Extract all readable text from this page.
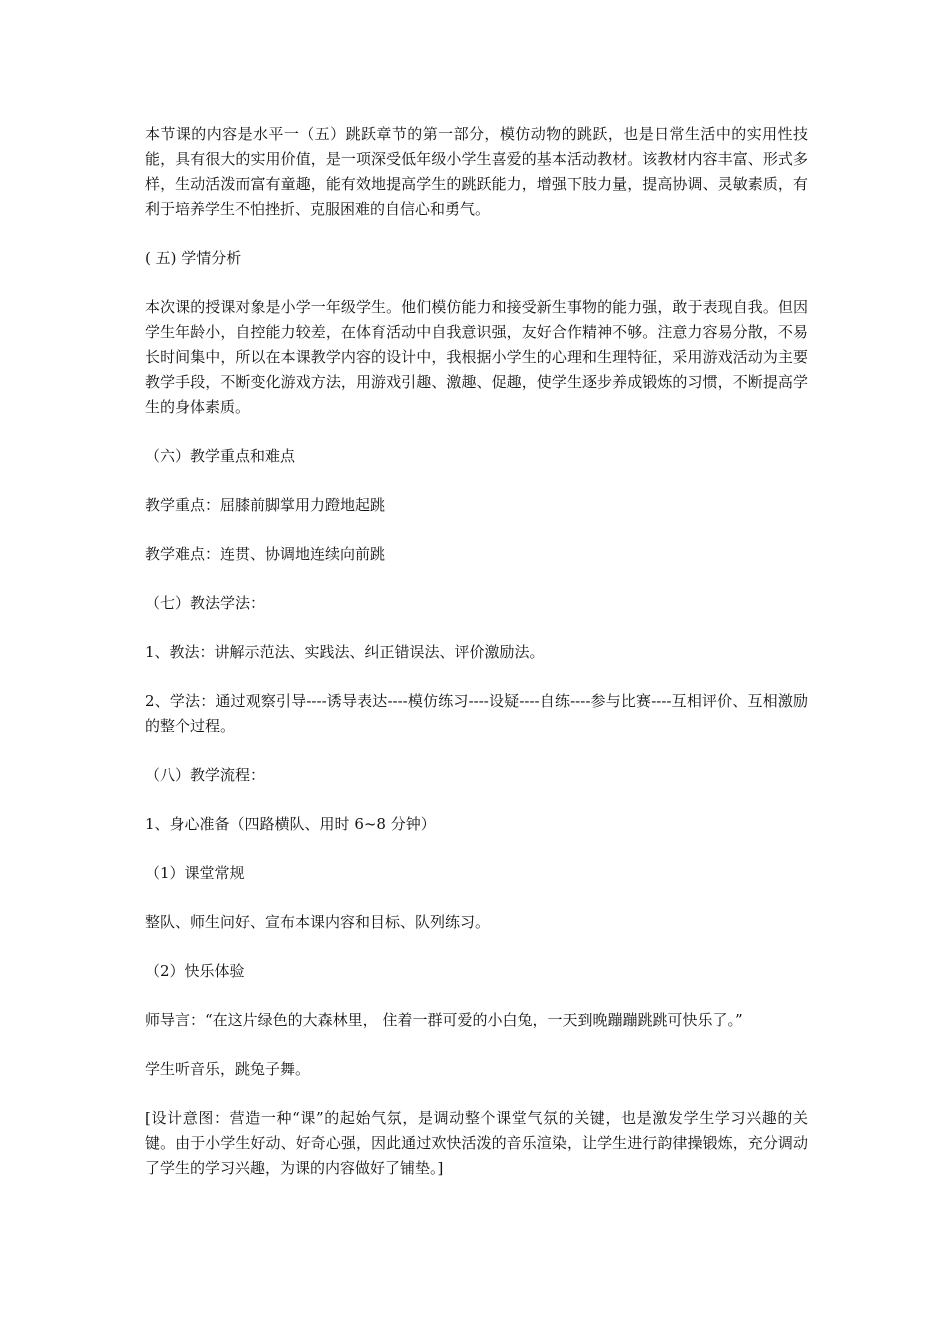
本节课的内容是水平一（五）跳跃章节的第一部分，模仿动物的跳跃，也是日常生活中的实用性技能，具有很大的实用价值，是一项深受低年级小学生喜爱的基本活动教材。该教材内容丰富、形式多样，生动活泼而富有童趣，能有效地提高学生的跳跃能力，增强下肢力量，提高协调、灵敏素质，有利于培养学生不怕挫折、克服困难的自信心和勇气。

( 五) 学情分析

本次课的授课对象是小学一年级学生。他们模仿能力和接受新生事物的能力强，敢于表现自我。但因学生年龄小，自控能力较差，在体育活动中自我意识强，友好合作精神不够。注意力容易分散，不易长时间集中，所以在本课教学内容的设计中，我根据小学生的心理和生理特征，采用游戏活动为主要教学手段，不断变化游戏方法，用游戏引趣、激趣、促趣，使学生逐步养成锻炼的习惯，不断提高学生的身体素质。

（六）教学重点和难点

教学重点：屈膝前脚掌用力蹬地起跳

教学难点：连贯、协调地连续向前跳

（七）教法学法：

1、教法：讲解示范法、实践法、纠正错误法、评价激励法。

2、学法：通过观察引导----诱导表达----模仿练习----设疑----自练----参与比赛----互相评价、互相激励的整个过程。

（八）教学流程：

1、身心准备（四路横队、用时 6~8 分钟）

（1）课堂常规

整队、师生问好、宣布本课内容和目标、队列练习。

（2）快乐体验

师导言：“在这片绿色的大森林里， 住着一群可爱的小白兔，一天到晚蹦蹦跳跳可快乐了。”

学生听音乐，跳兔子舞。

[设计意图：营造一种“课”的起始气氛，是调动整个课堂气氛的关键，也是激发学生学习兴趣的关键。由于小学生好动、好奇心强，因此通过欢快活泼的音乐渲染，让学生进行韵律操锻炼，充分调动了学生的学习兴趣，为课的内容做好了铺垫。]
